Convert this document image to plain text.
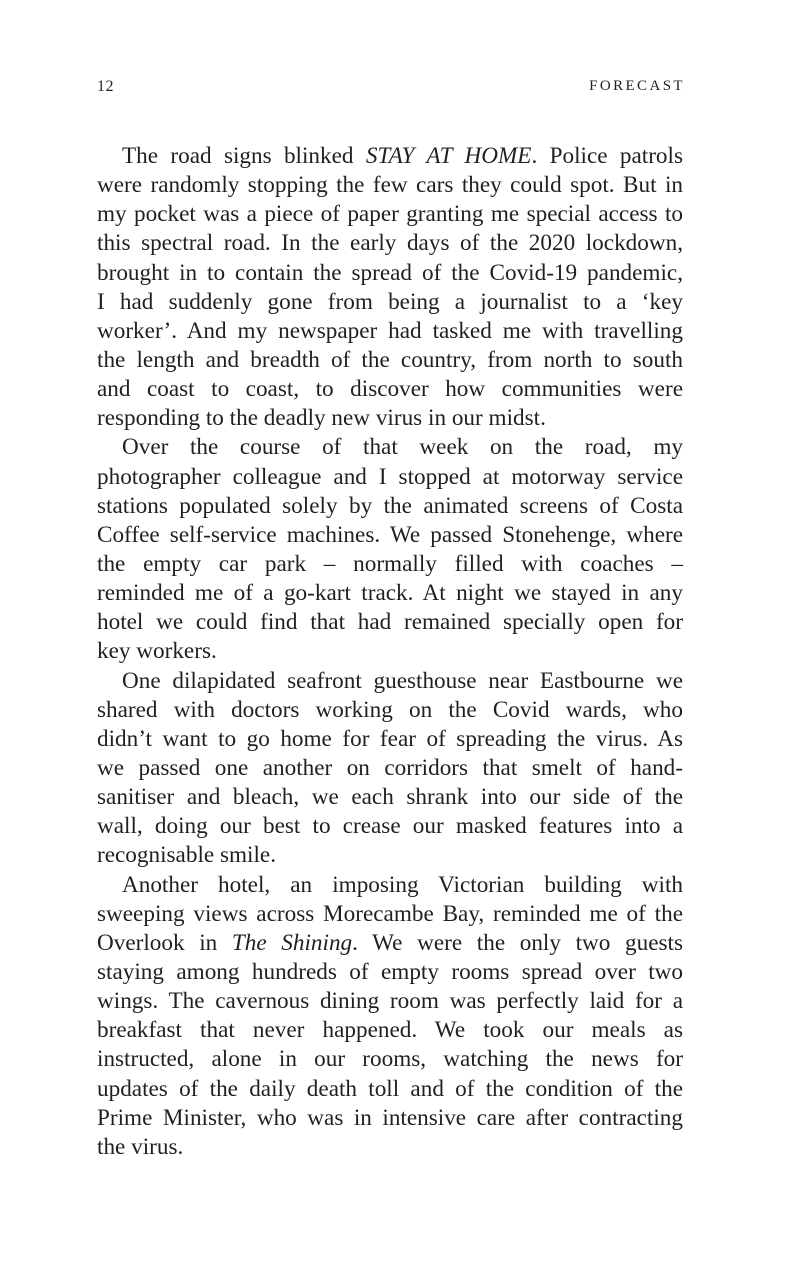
12	FORECAST
The road signs blinked STAY AT HOME. Police patrols
were randomly stopping the few cars they could spot. But in
my pocket was a piece of paper granting me special access to
this spectral road. In the early days of the 2020 lockdown,
brought in to contain the spread of the Covid-19 pandemic,
I had suddenly gone from being a journalist to a ‘key
worker’. And my newspaper had tasked me with travelling
the length and breadth of the country, from north to south
and coast to coast, to discover how communities were
responding to the deadly new virus in our midst.
Over the course of that week on the road, my
photographer colleague and I stopped at motorway service
stations populated solely by the animated screens of Costa
Coffee self-service machines. We passed Stonehenge, where
the empty car park – normally filled with coaches –
reminded me of a go-kart track. At night we stayed in any
hotel we could find that had remained specially open for
key workers.
One dilapidated seafront guesthouse near Eastbourne we
shared with doctors working on the Covid wards, who
didn’t want to go home for fear of spreading the virus. As
we passed one another on corridors that smelt of hand-
sanitiser and bleach, we each shrank into our side of the
wall, doing our best to crease our masked features into a
recognisable smile.
Another hotel, an imposing Victorian building with
sweeping views across Morecambe Bay, reminded me of the
Overlook in The Shining. We were the only two guests
staying among hundreds of empty rooms spread over two
wings. The cavernous dining room was perfectly laid for a
breakfast that never happened. We took our meals as
instructed, alone in our rooms, watching the news for
updates of the daily death toll and of the condition of the
Prime Minister, who was in intensive care after contracting
the virus.
